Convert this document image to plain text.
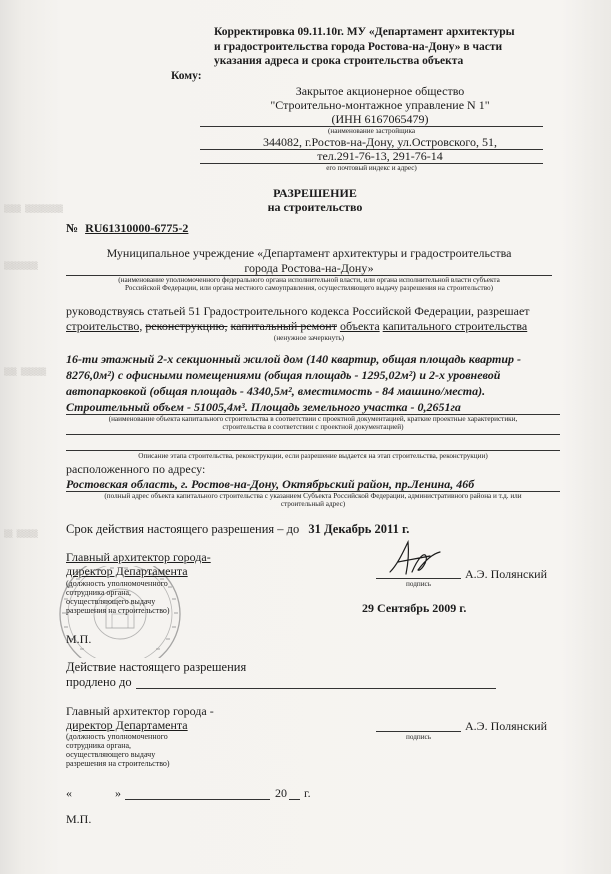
▒▒▒▒ ▒▒▒▒▒▒▒▒▒
▒▒▒▒▒▒▒▒
▒▒▒ ▒▒▒▒▒▒
▒▒ ▒▒▒▒▒
Корректировка 09.11.10г. МУ «Департамент архитектуры
и градостроительства города Ростова-на-Дону» в части
указания адреса и срока строительства объекта
Кому:
Закрытое акционерное общество
"Строительно-монтажное управление N 1"
(ИНН 6167065479)
(наименование застройщика
344082, г.Ростов-на-Дону, ул.Островского, 51,
тел.291-76-13, 291-76-14
его почтовый индекс и адрес)
РАЗРЕШЕНИЕ
на строительство
№ RU61310000-6775-2
Муниципальное учреждение «Департамент архитектуры и градостроительства
города Ростова-на-Дону»
(наименование уполномоченного федерального органа исполнительной власти, или органа исполнительной власти субъекта
Российской Федерации, или органа местного самоуправления, осуществляющего выдачу разрешения на строительство)
руководствуясь статьей 51 Градостроительного кодекса Российской Федерации, разрешает
строительство, реконструкцию, капитальный ремонт объекта капитального строительства
(ненужное зачеркнуть)
16-ти этажный 2-х секционный жилой дом (140 квартир, общая площадь квартир -
8276,0м²) с офисными помещениями (общая площадь - 1295,02м²) и 2-х уровневой
автопарковкой (общая площадь - 4340,5м², вместимость - 84 машино/места).
Строительный объем - 51005,4м³. Площадь земельного участка - 0,2651га
(наименование объекта капитального строительства в соответствии с проектной документацией, краткие проектные характеристики,
строительства в соответствии с проектной документацией)
Описание этапа строительства, реконструкции, если разрешение выдается на этап строительства, реконструкции)
расположенного по адресу:
Ростовская область, г. Ростов-на-Дону, Октябрьский район, пр.Ленина, 46б
(полный адрес объекта капитального строительства с указанием Субъекта Российской Федерации, административного района и т.д. или
строительный адрес)
Срок действия настоящего разрешения – до 31 Декабрь 2011 г.
Главный архитектор города-
директор Департамента
(должность уполномоченного
сотрудника органа,
осуществляющего выдачу
разрешения на строительство)
подпись
А.Э. Полянский
29 Сентябрь 2009 г.
М.П.
Действие настоящего разрешения
продлено до
Главный архитектор города -
директор Департамента
(должность уполномоченного
сотрудника органа,
осуществляющего выдачу
разрешения на строительство)
подпись
А.Э. Полянский
«	»	20 г.
М.П.
